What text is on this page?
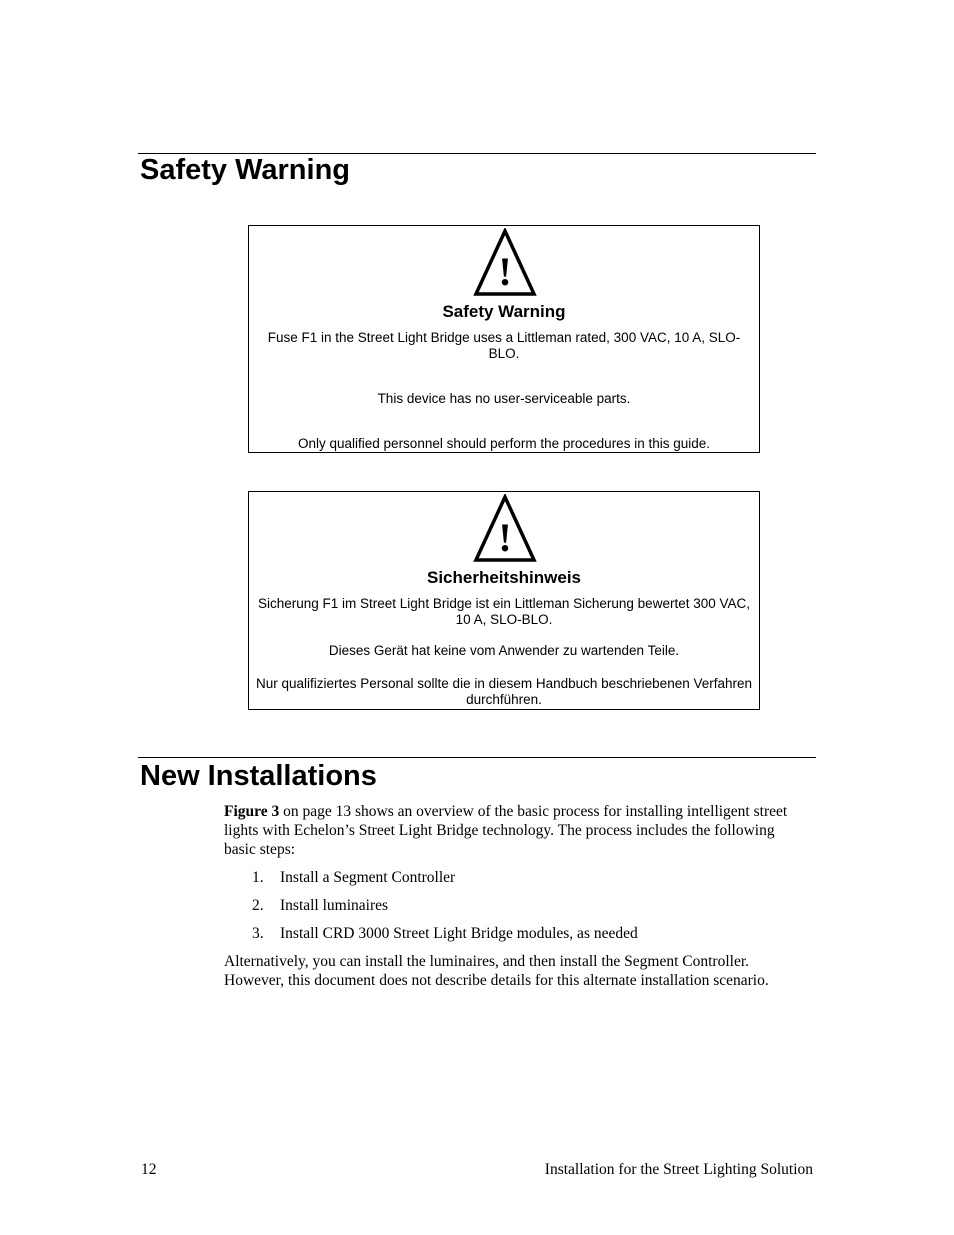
Safety Warning
!
Safety Warning
Fuse F1 in the Street Light Bridge uses a Littleman rated, 300 VAC, 10 A, SLO-BLO.
This device has no user-serviceable parts.
Only qualified personnel should perform the procedures in this guide.
!
Sicherheitshinweis
Sicherung F1 im Street Light Bridge ist ein Littleman Sicherung bewertet 300 VAC, 10 A, SLO-BLO.
Dieses Gerät hat keine vom Anwender zu wartenden Teile.
Nur qualifiziertes Personal sollte die in diesem Handbuch beschriebenen Verfahren durchführen.
New Installations

Figure 3 on page 13 shows an overview of the basic process for installing intelligent street lights with Echelon’s Street Light Bridge technology. The process includes the following basic steps:

1. Install a Segment Controller
2. Install luminaires
3. Install CRD 3000 Street Light Bridge modules, as needed

Alternatively, you can install the luminaires, and then install the Segment Controller. However, this document does not describe details for this alternate installation scenario.

12	Installation for the Street Lighting Solution
